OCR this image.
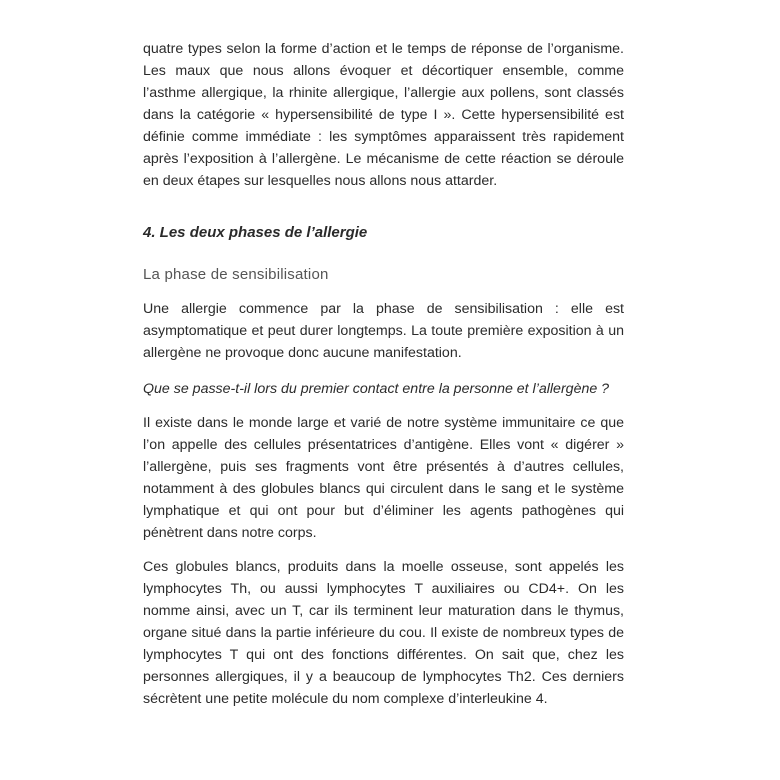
quatre types selon la forme d’action et le temps de réponse de l’organisme. Les maux que nous allons évoquer et décortiquer ensemble, comme l’asthme allergique, la rhinite allergique, l’allergie aux pollens, sont classés dans la catégorie « hypersensibilité de type I ». Cette hypersensibilité est définie comme immédiate : les symptômes apparaissent très rapidement après l’exposition à l’allergène. Le mécanisme de cette réaction se déroule en deux étapes sur lesquelles nous allons nous attarder.

4. Les deux phases de l’allergie
La phase de sensibilisation

Une allergie commence par la phase de sensibilisation : elle est asymptomatique et peut durer longtemps. La toute première exposition à un allergène ne provoque donc aucune manifestation.

Que se passe-t-il lors du premier contact entre la personne et l’allergène ?

Il existe dans le monde large et varié de notre système immunitaire ce que l’on appelle des cellules présentatrices d’antigène. Elles vont « digérer » l’allergène, puis ses fragments vont être présentés à d’autres cellules, notamment à des globules blancs qui circulent dans le sang et le système lymphatique et qui ont pour but d’éliminer les agents pathogènes qui pénètrent dans notre corps.

Ces globules blancs, produits dans la moelle osseuse, sont appelés les lymphocytes Th, ou aussi lymphocytes T auxiliaires ou CD4+. On les nomme ainsi, avec un T, car ils terminent leur maturation dans le thymus, organe situé dans la partie inférieure du cou. Il existe de nombreux types de lymphocytes T qui ont des fonctions différentes. On sait que, chez les personnes allergiques, il y a beaucoup de lymphocytes Th2. Ces derniers sécrètent une petite molécule du nom complexe d’interleukine 4.
